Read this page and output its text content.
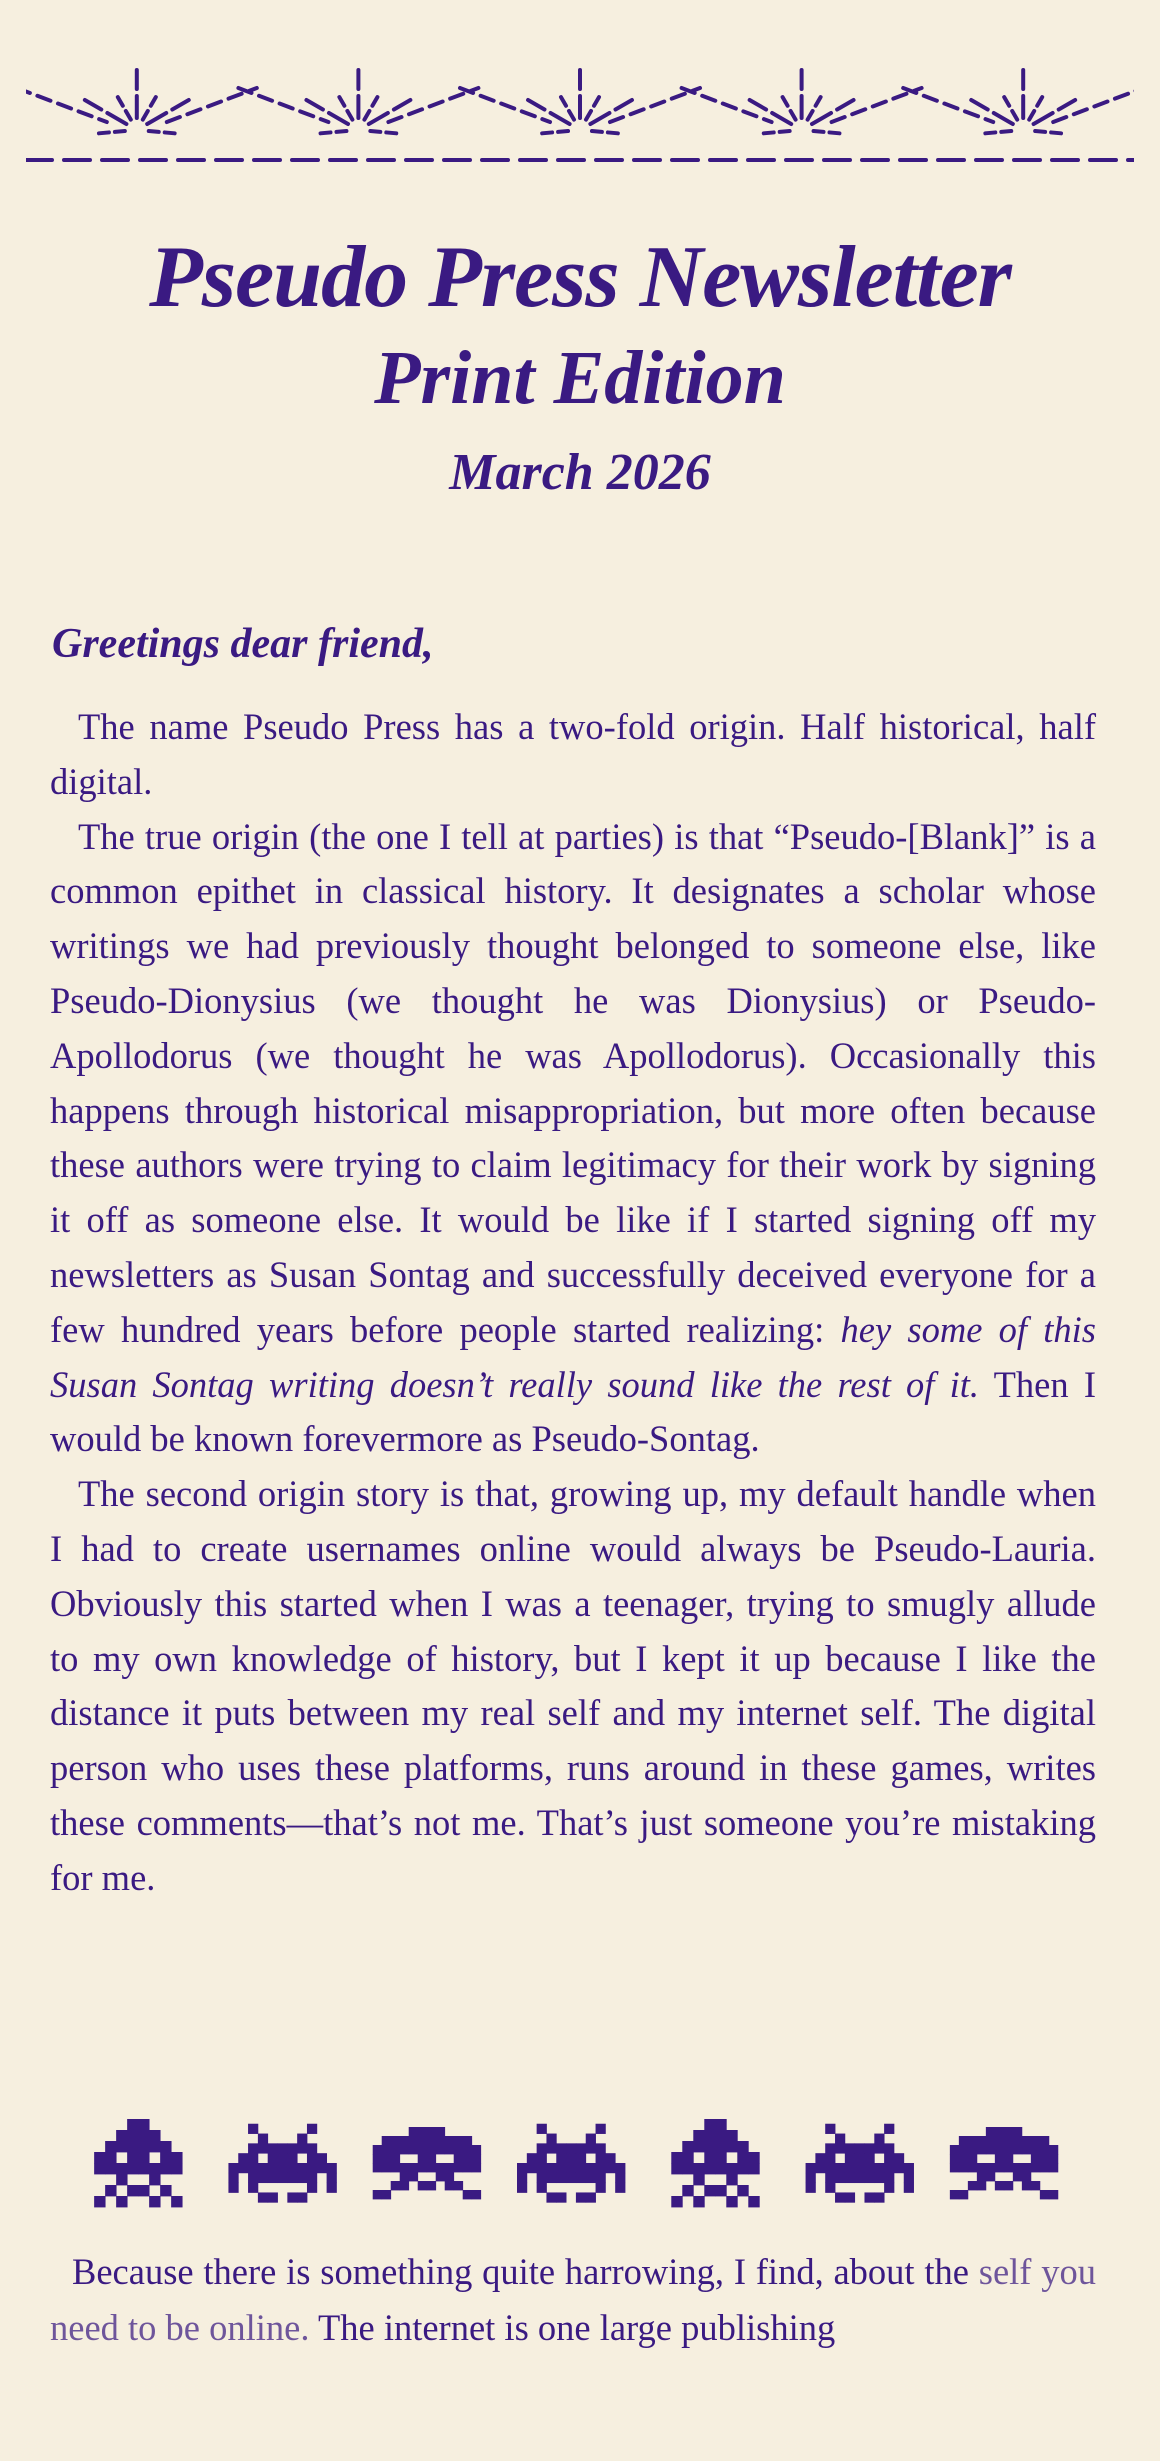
Pseudo Press Newsletter
Print Edition
March 2026

Greetings dear friend,

The name Pseudo Press has a two-fold origin. Half historical, half digital.

The true origin (the one I tell at parties) is that “Pseudo-[Blank]” is a common epithet in classical history. It designates a scholar whose writings we had previously thought belonged to someone else, like Pseudo-Dionysius (we thought he was Dionysius) or Pseudo-Apollodorus (we thought he was Apollodorus). Occasionally this happens through historical misappropriation, but more often because these authors were trying to claim legitimacy for their work by signing it off as someone else. It would be like if I started signing off my newsletters as Susan Sontag and successfully deceived everyone for a few hundred years before people started realizing: hey some of this Susan Sontag writing doesn’t really sound like the rest of it. Then I would be known forevermore as Pseudo-Sontag.

The second origin story is that, growing up, my default handle when I had to create usernames online would always be Pseudo-Lauria. Obviously this started when I was a teenager, trying to smugly allude to my own knowledge of history, but I kept it up because I like the distance it puts between my real self and my internet self. The digital person who uses these platforms, runs around in these games, writes these comments—that’s not me. That’s just someone you’re mistaking for me.

Because there is something quite harrowing, I find, about the self you need to be online. The internet is one large publishing
